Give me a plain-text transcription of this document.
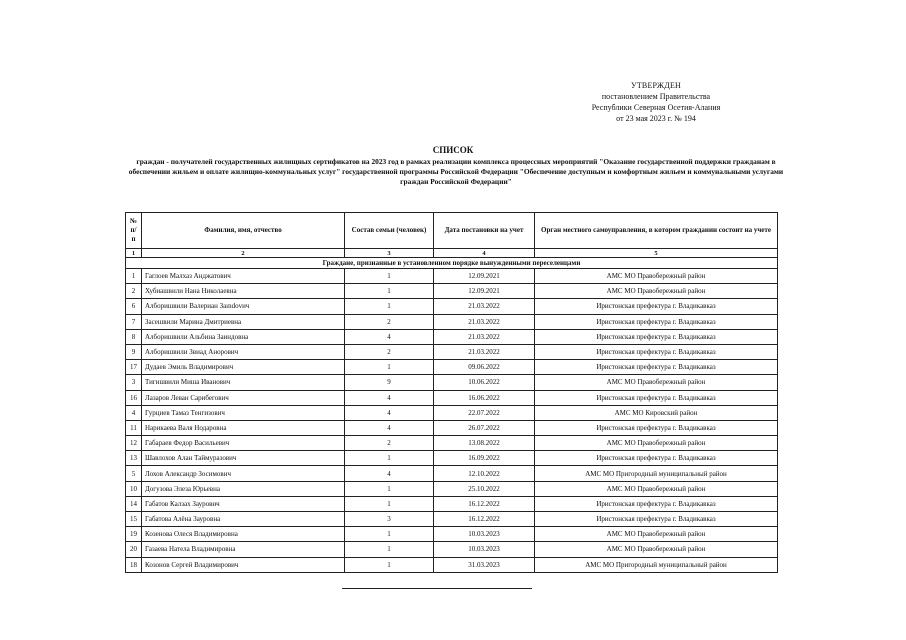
УТВЕРЖДЕН
постановлением Правительства
Республики Северная Осетия-Алания
от 23 мая 2023 г. № 194
СПИСОК
граждан - получателей государственных жилищных сертификатов на 2023 год в рамках реализации комплекса процессных мероприятий "Оказание государственной поддержки гражданам в обеспечении жильем и оплате жилищно-коммунальных услуг" государственной программы Российской Федерации "Обеспечение доступным и комфортным жильем и коммунальными услугами граждан Российской Федерации"
№ п/п	Фамилия, имя, отчество	Состав семьи (человек)	Дата постановки на учет	Орган местного самоуправления, в котором гражданин состоит на учете
1	2	3	4	5
Граждане, признанные в установленном порядке вынужденными переселенцами				
1	Гаглоев Малхаз Анджатович	1	12.09.2021	АМС МО Правобережный район
2	Хубиашвили Нана Николаевна	1	12.09.2021	АМС МО Правобережный район
6	Алборишвили Валериан Заındovич	1	21.03.2022	Иристонская префектура г. Владикавказ
7	Засешвили Марина Дмитриевна	2	21.03.2022	Иристонская префектура г. Владикавказ
8	Алборишвили Альбина Заиндовна	4	21.03.2022	Иристонская префектура г. Владикавказ
9	Алборишвили Звиад Анорович	2	21.03.2022	Иристонская префектура г. Владикавказ
17	Дудаев Эмиль Владимирович	1	09.06.2022	Иристонская префектура г. Владикавказ
3	Тигишвили Миша Иванович	9	10.06.2022	АМС МО Правобережный район
16	Лазаров Леван Сарибегович	4	16.06.2022	Иристонская префектура г. Владикавказ
4	Гурциев Тамаз Тенгизович	4	22.07.2022	АМС МО Кировский район
11	Нарикаева Валя Нодаровна	4	26.07.2022	Иристонская префектура г. Владикавказ
12	Габараев Федор Васильевич	2	13.08.2022	АМС МО Правобережный район
13	Шавлохов Алан Таймуразович	1	16.09.2022	Иристонская префектура г. Владикавказ
5	Лохов Александр Зосимович	4	12.10.2022	АМС МО Пригородный муниципальный район
10	Догузова Элеза Юрьевна	1	25.10.2022	АМС МО Правобережный район
14	Габатов Калзах Заурович	1	16.12.2022	Иристонская префектура г. Владикавказ
15	Габатова Алёна Зауровна	3	16.12.2022	Иристонская префектура г. Владикавказ
19	Козенова Олеся Владимировна	1	10.03.2023	АМС МО Правобережный район
20	Газаева Натела Владимировна	1	10.03.2023	АМС МО Правобережный район
18	Козонов Сергей Владимирович	1	31.03.2023	АМС МО Пригородный муниципальный район
